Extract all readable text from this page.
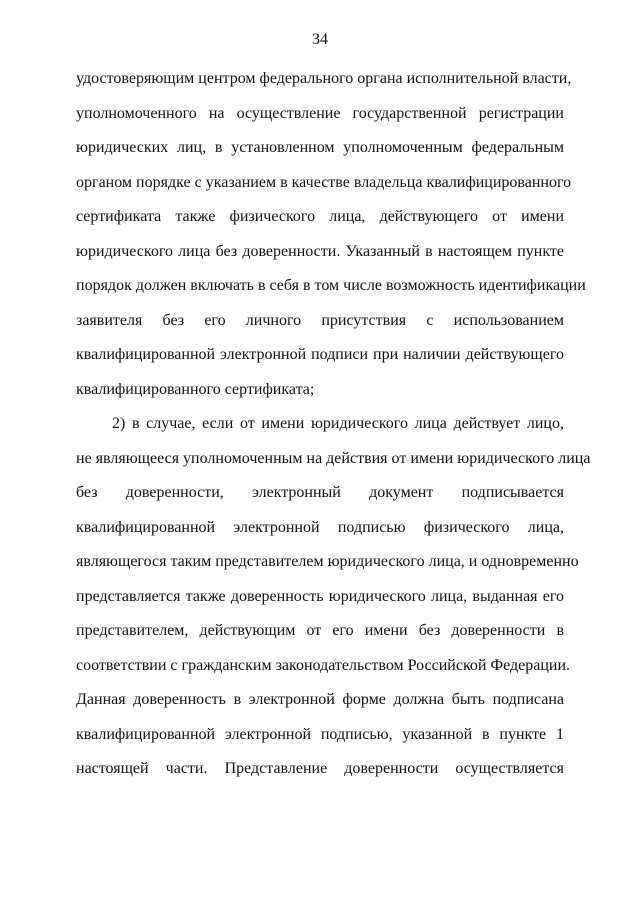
34
удостоверяющим центром федерального органа исполнительной власти,
уполномоченного на осуществление государственной регистрации
юридических лиц, в установленном уполномоченным федеральным
органом порядке с указанием в качестве владельца квалифицированного
сертификата также физического лица, действующего от имени
юридического лица без доверенности. Указанный в настоящем пункте
порядок должен включать в себя в том числе возможность идентификации
заявителя без его личного присутствия с использованием
квалифицированной электронной подписи при наличии действующего
квалифицированного сертификата;
2) в случае, если от имени юридического лица действует лицо,
не являющееся уполномоченным на действия от имени юридического лица
без доверенности, электронный документ подписывается
квалифицированной электронной подписью физического лица,
являющегося таким представителем юридического лица, и одновременно
представляется также доверенность юридического лица, выданная его
представителем, действующим от его имени без доверенности в
соответствии с гражданским законодательством Российской Федерации.
Данная доверенность в электронной форме должна быть подписана
квалифицированной электронной подписью, указанной в пункте 1
настоящей части. Представление доверенности осуществляется
